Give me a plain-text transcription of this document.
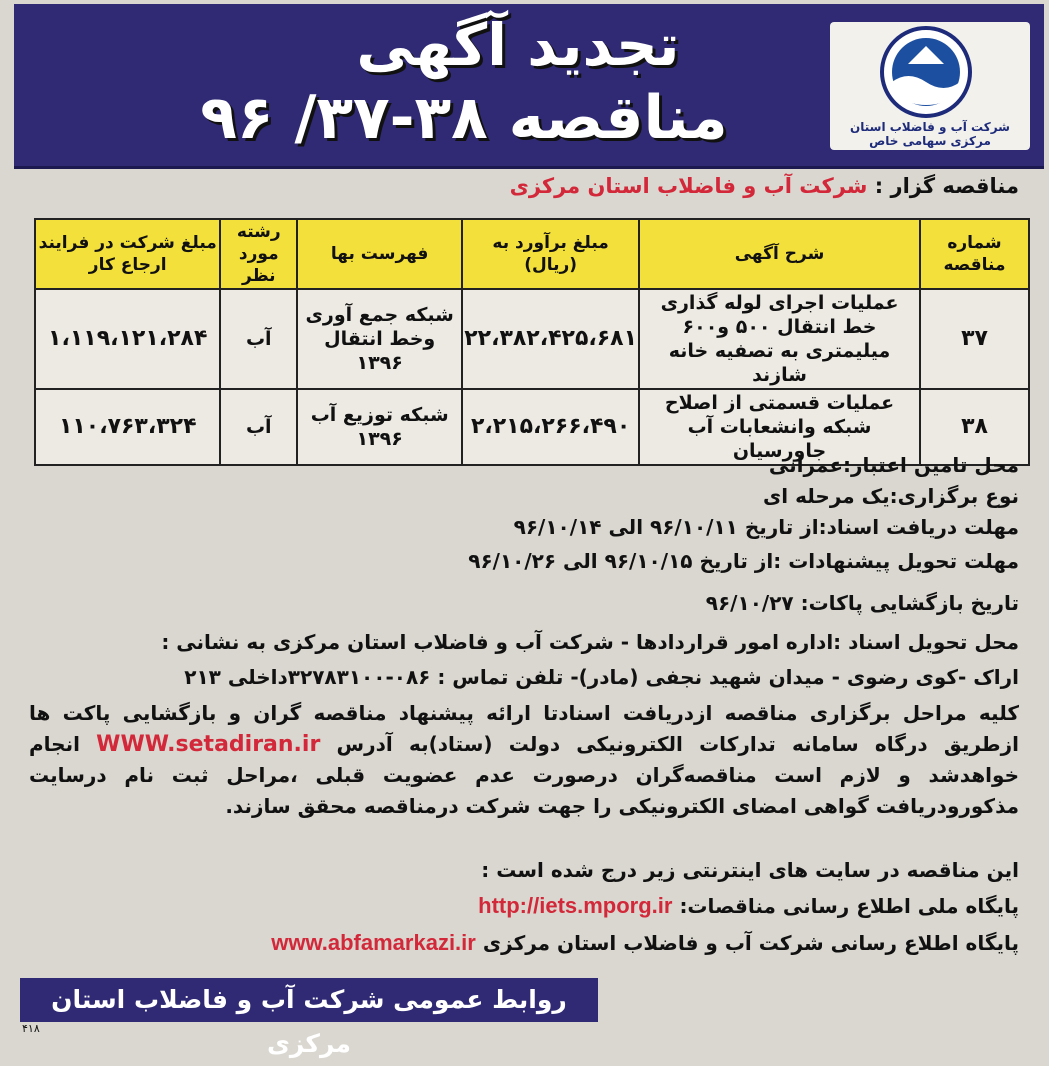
تجدید آگهی
مناقصه ۳۸-۳۷/ ۹۶	شرکت آب و فاضلاب استان مرکزی سهامی خاص
مناقصه گزار : شرکت آب و فاضلاب استان مرکزی
شماره مناقصه	شرح آگهی	مبلغ برآورد به (ریال)	فهرست بها	رشته مورد نظر	مبلغ شرکت در فرایند ارجاع کار
۳۷	عملیات اجرای لوله گذاری خط انتقال ۵۰۰ و۶۰۰ میلیمتری به تصفیه خانه شازند	۲۲،۳۸۲،۴۲۵،۶۸۱	شبکه جمع آوری وخط انتقال ۱۳۹۶	آب	۱،۱۱۹،۱۲۱،۲۸۴
۳۸	عملیات قسمتی از اصلاح شبکه وانشعابات آب جاورسیان	۲،۲۱۵،۲۶۶،۴۹۰	شبکه توزیع آب ۱۳۹۶	آب	۱۱۰،۷۶۳،۳۲۴
محل تامین اعتبار:عمرانی
نوع برگزاری:یک مرحله ای
مهلت دریافت اسناد:از تاریخ ۹۶/۱۰/۱۱ الی ۹۶/۱۰/۱۴
مهلت تحویل پیشنهادات :از تاریخ ۹۶/۱۰/۱۵ الی ۹۶/۱۰/۲۶
تاریخ بازگشایی پاکات: ۹۶/۱۰/۲۷
محل تحویل اسناد :اداره امور قراردادها - شرکت آب و فاضلاب استان مرکزی به نشانی :
اراک -کوی رضوی - میدان شهید نجفی (مادر)- تلفن تماس : ۰۸۶-۳۲۷۸۳۱۰۰داخلی ۲۱۳
کلیه مراحل برگزاری مناقصه ازدریافت اسنادتا ارائه پیشنهاد مناقصه گران و بازگشایی پاکت ها ازطریق درگاه سامانه تدارکات الکترونیکی دولت (ستاد)به آدرس WWW.setadiran.ir انجام خواهدشد و لازم است مناقصه‌گران درصورت عدم عضویت قبلی ،مراحل ثبت نام درسایت مذکورودریافت گواهی امضای الکترونیکی را جهت شرکت درمناقصه محقق سازند.
این مناقصه در سایت های اینترنتی زیر درج شده است :
پایگاه ملی اطلاع رسانی مناقصات: http://iets.mporg.ir
پایگاه اطلاع رسانی شرکت آب و فاضلاب استان مرکزی www.abfamarkazi.ir
روابط عمومی شرکت آب و فاضلاب استان مرکزی
۴۱۸
